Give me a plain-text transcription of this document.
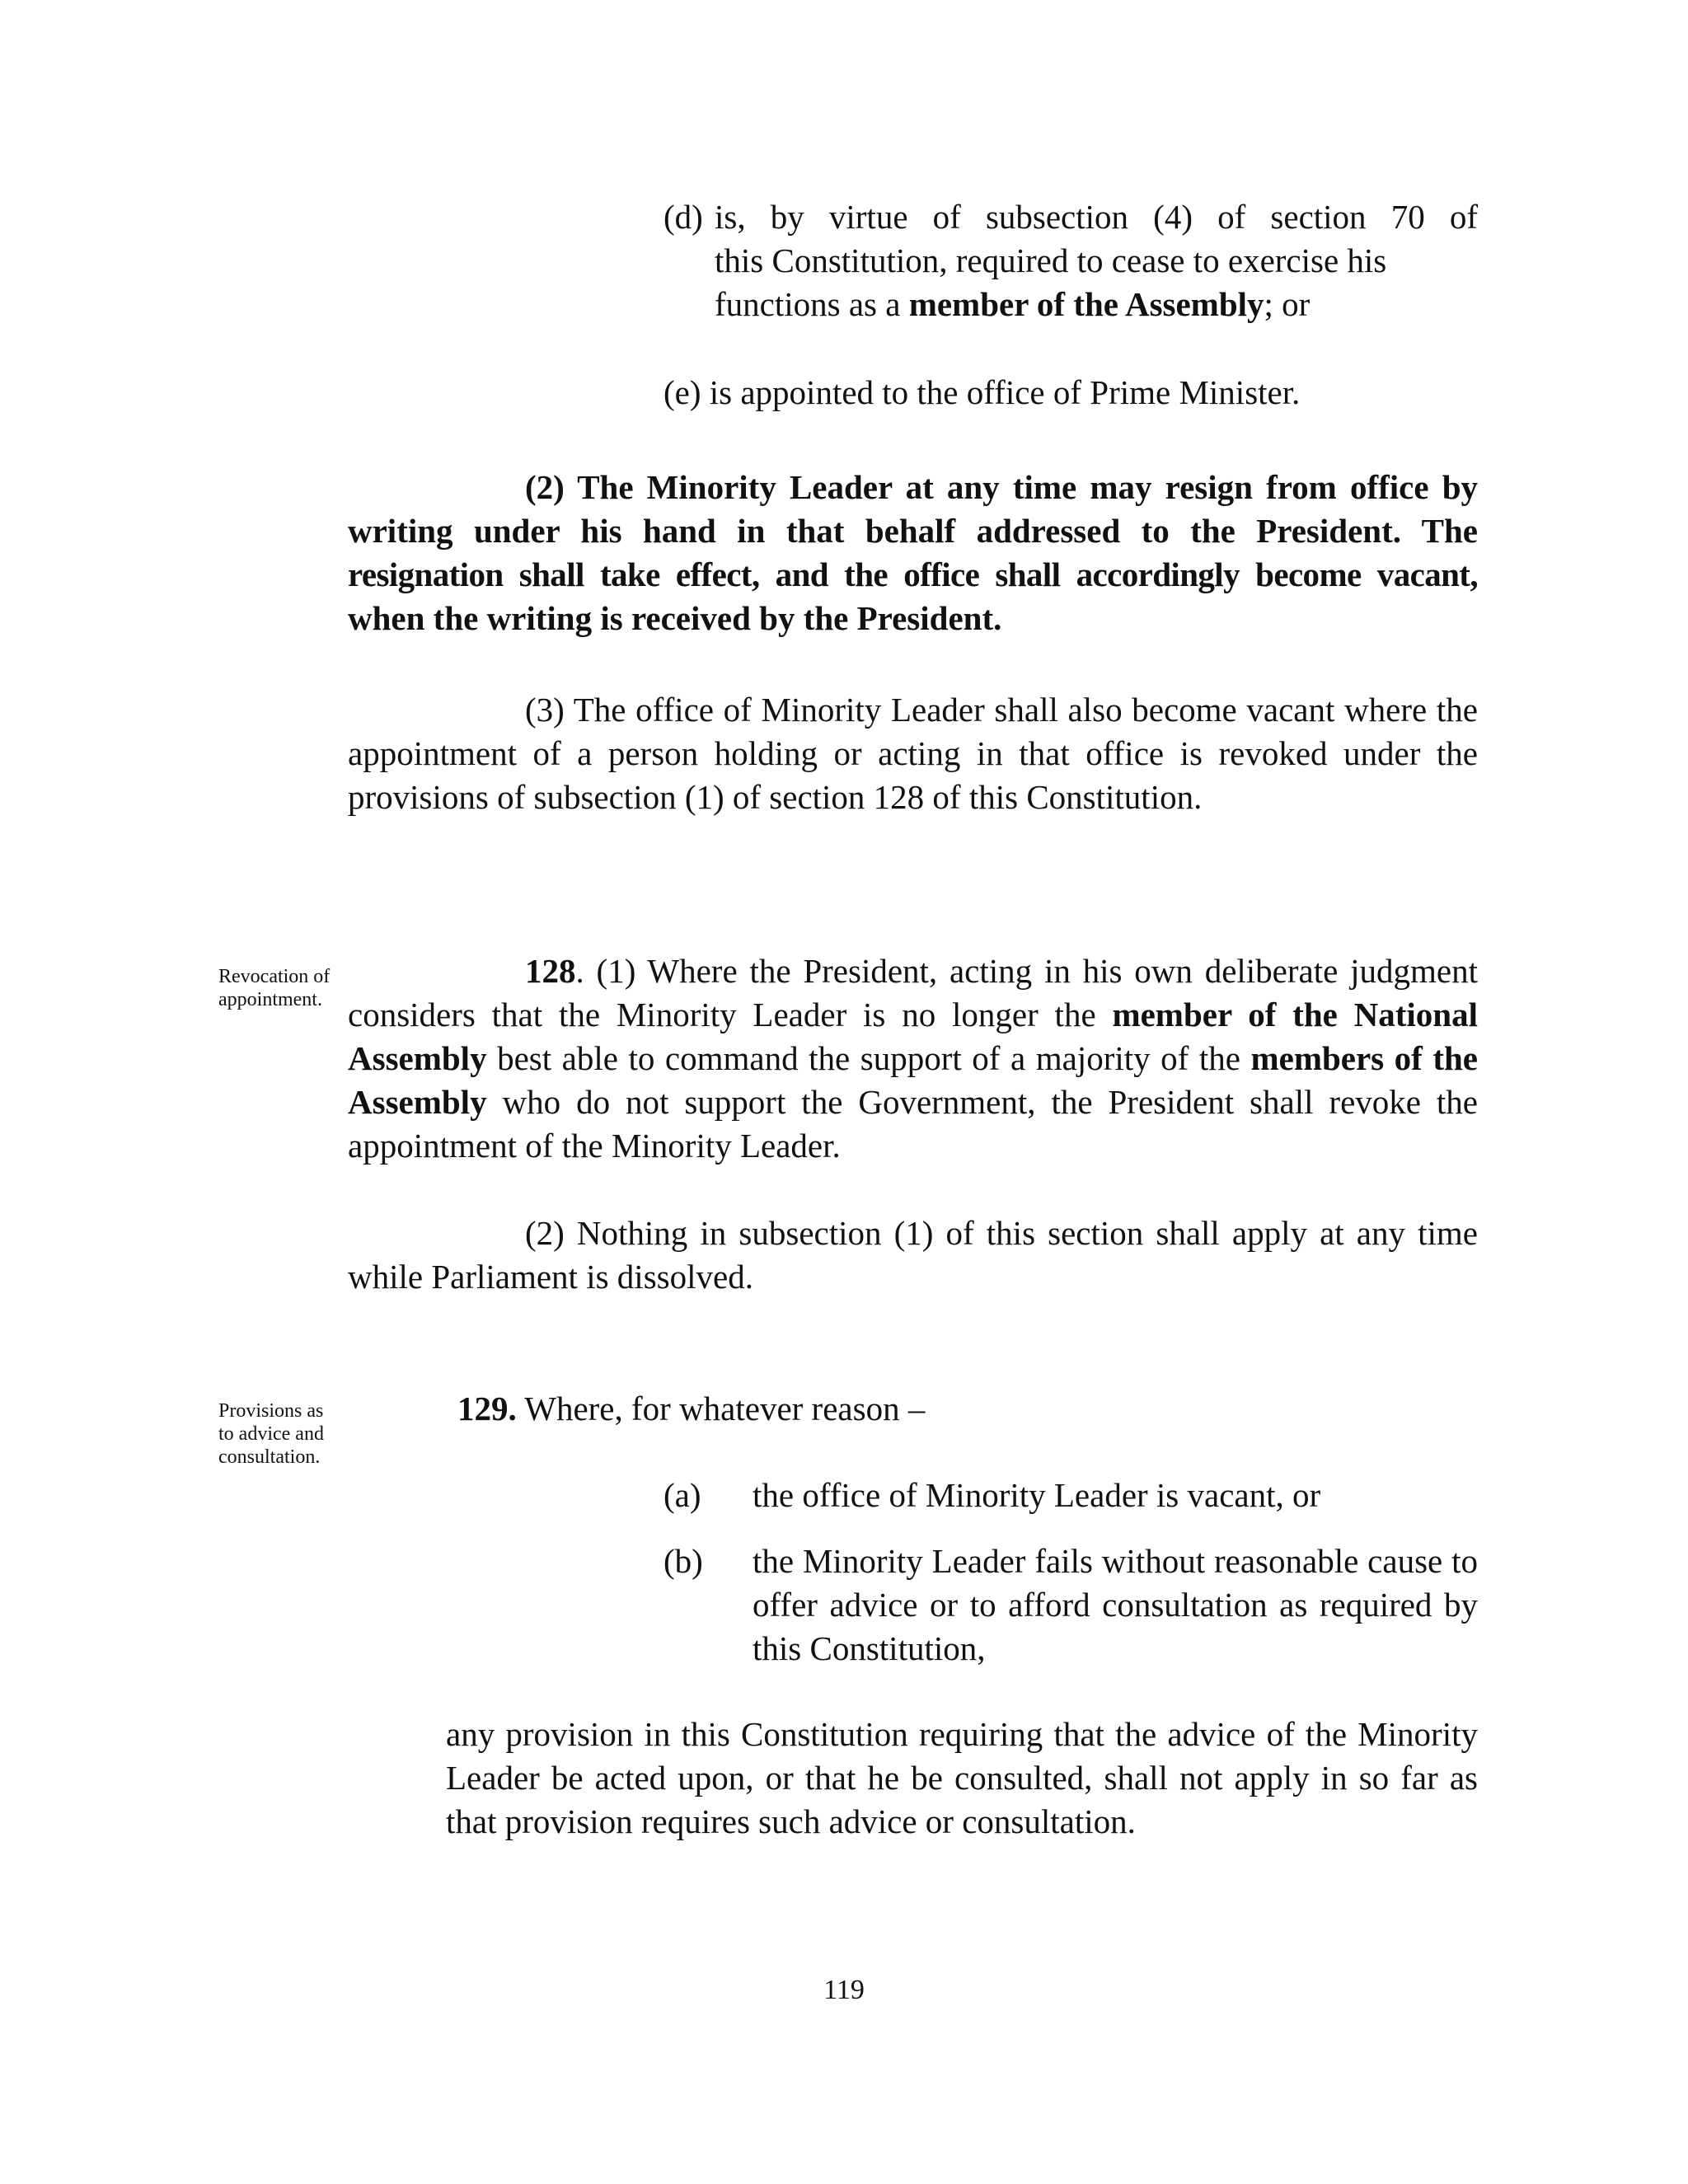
(d) is, by virtue of subsection (4) of section 70 of
this Constitution, required to cease to exercise his
functions as a member of the Assembly; or
(e) is appointed to the office of Prime Minister.
(2) The Minority Leader at any time may resign from office by
writing under his hand in that behalf addressed to the President. The
resignation shall take effect, and the office shall accordingly become vacant,
when the writing is received by the President.

(3) The office of Minority Leader shall also become vacant where the appointment of a person holding or acting in that office is revoked under the provisions of subsection (1) of section 128 of this Constitution.

Revocation of appointment.

128. (1) Where the President, acting in his own deliberate judgment considers that the Minority Leader is no longer the member of the National Assembly best able to command the support of a majority of the members of the Assembly who do not support the Government, the President shall revoke the appointment of the Minority Leader.

(2) Nothing in subsection (1) of this section shall apply at any time while Parliament is dissolved.

Provisions as to advice and consultation.
129. Where, for whatever reason –
(a) the office of Minority Leader is vacant, or
(b) the Minority Leader fails without reasonable cause to offer advice or to afford consultation as required by this Constitution,

any provision in this Constitution requiring that the advice of the Minority Leader be acted upon, or that he be consulted, shall not apply in so far as that provision requires such advice or consultation.

119
